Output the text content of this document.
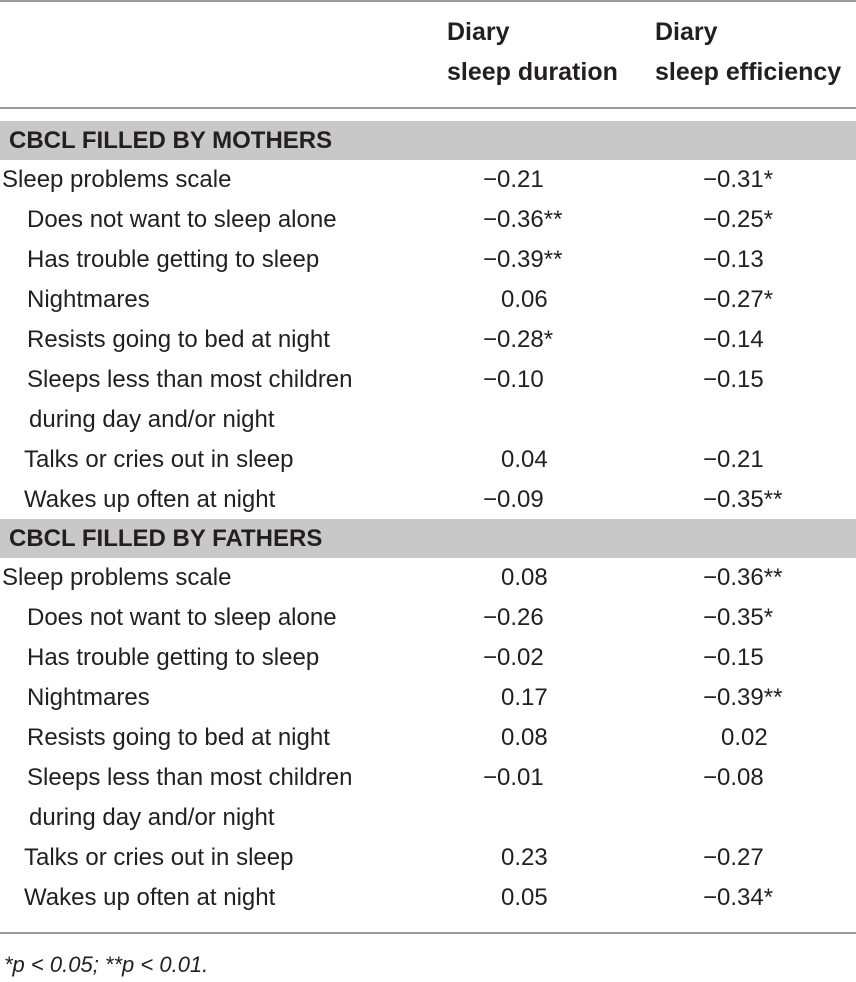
Diary
sleep duration
Diary
sleep efficiency
CBCL FILLED BY MOTHERS
Sleep problems scale	−0.21	−0.31*
Does not want to sleep alone	−0.36**	−0.25*
Has trouble getting to sleep	−0.39**	−0.13
Nightmares	0.06	−0.27*
Resists going to bed at night	−0.28*	−0.14
Sleeps less than most children
during day and/or night
−0.10	−0.15
Talks or cries out in sleep	0.04	−0.21
Wakes up often at night	−0.09	−0.35**
CBCL FILLED BY FATHERS
Sleep problems scale	0.08	−0.36**
Does not want to sleep alone	−0.26	−0.35*
Has trouble getting to sleep	−0.02	−0.15
Nightmares	0.17	−0.39**
Resists going to bed at night	0.08	0.02
Sleeps less than most children
during day and/or night
−0.01	−0.08
Talks or cries out in sleep	0.23	−0.27
Wakes up often at night	0.05	−0.34*
*p < 0.05; **p < 0.01.
